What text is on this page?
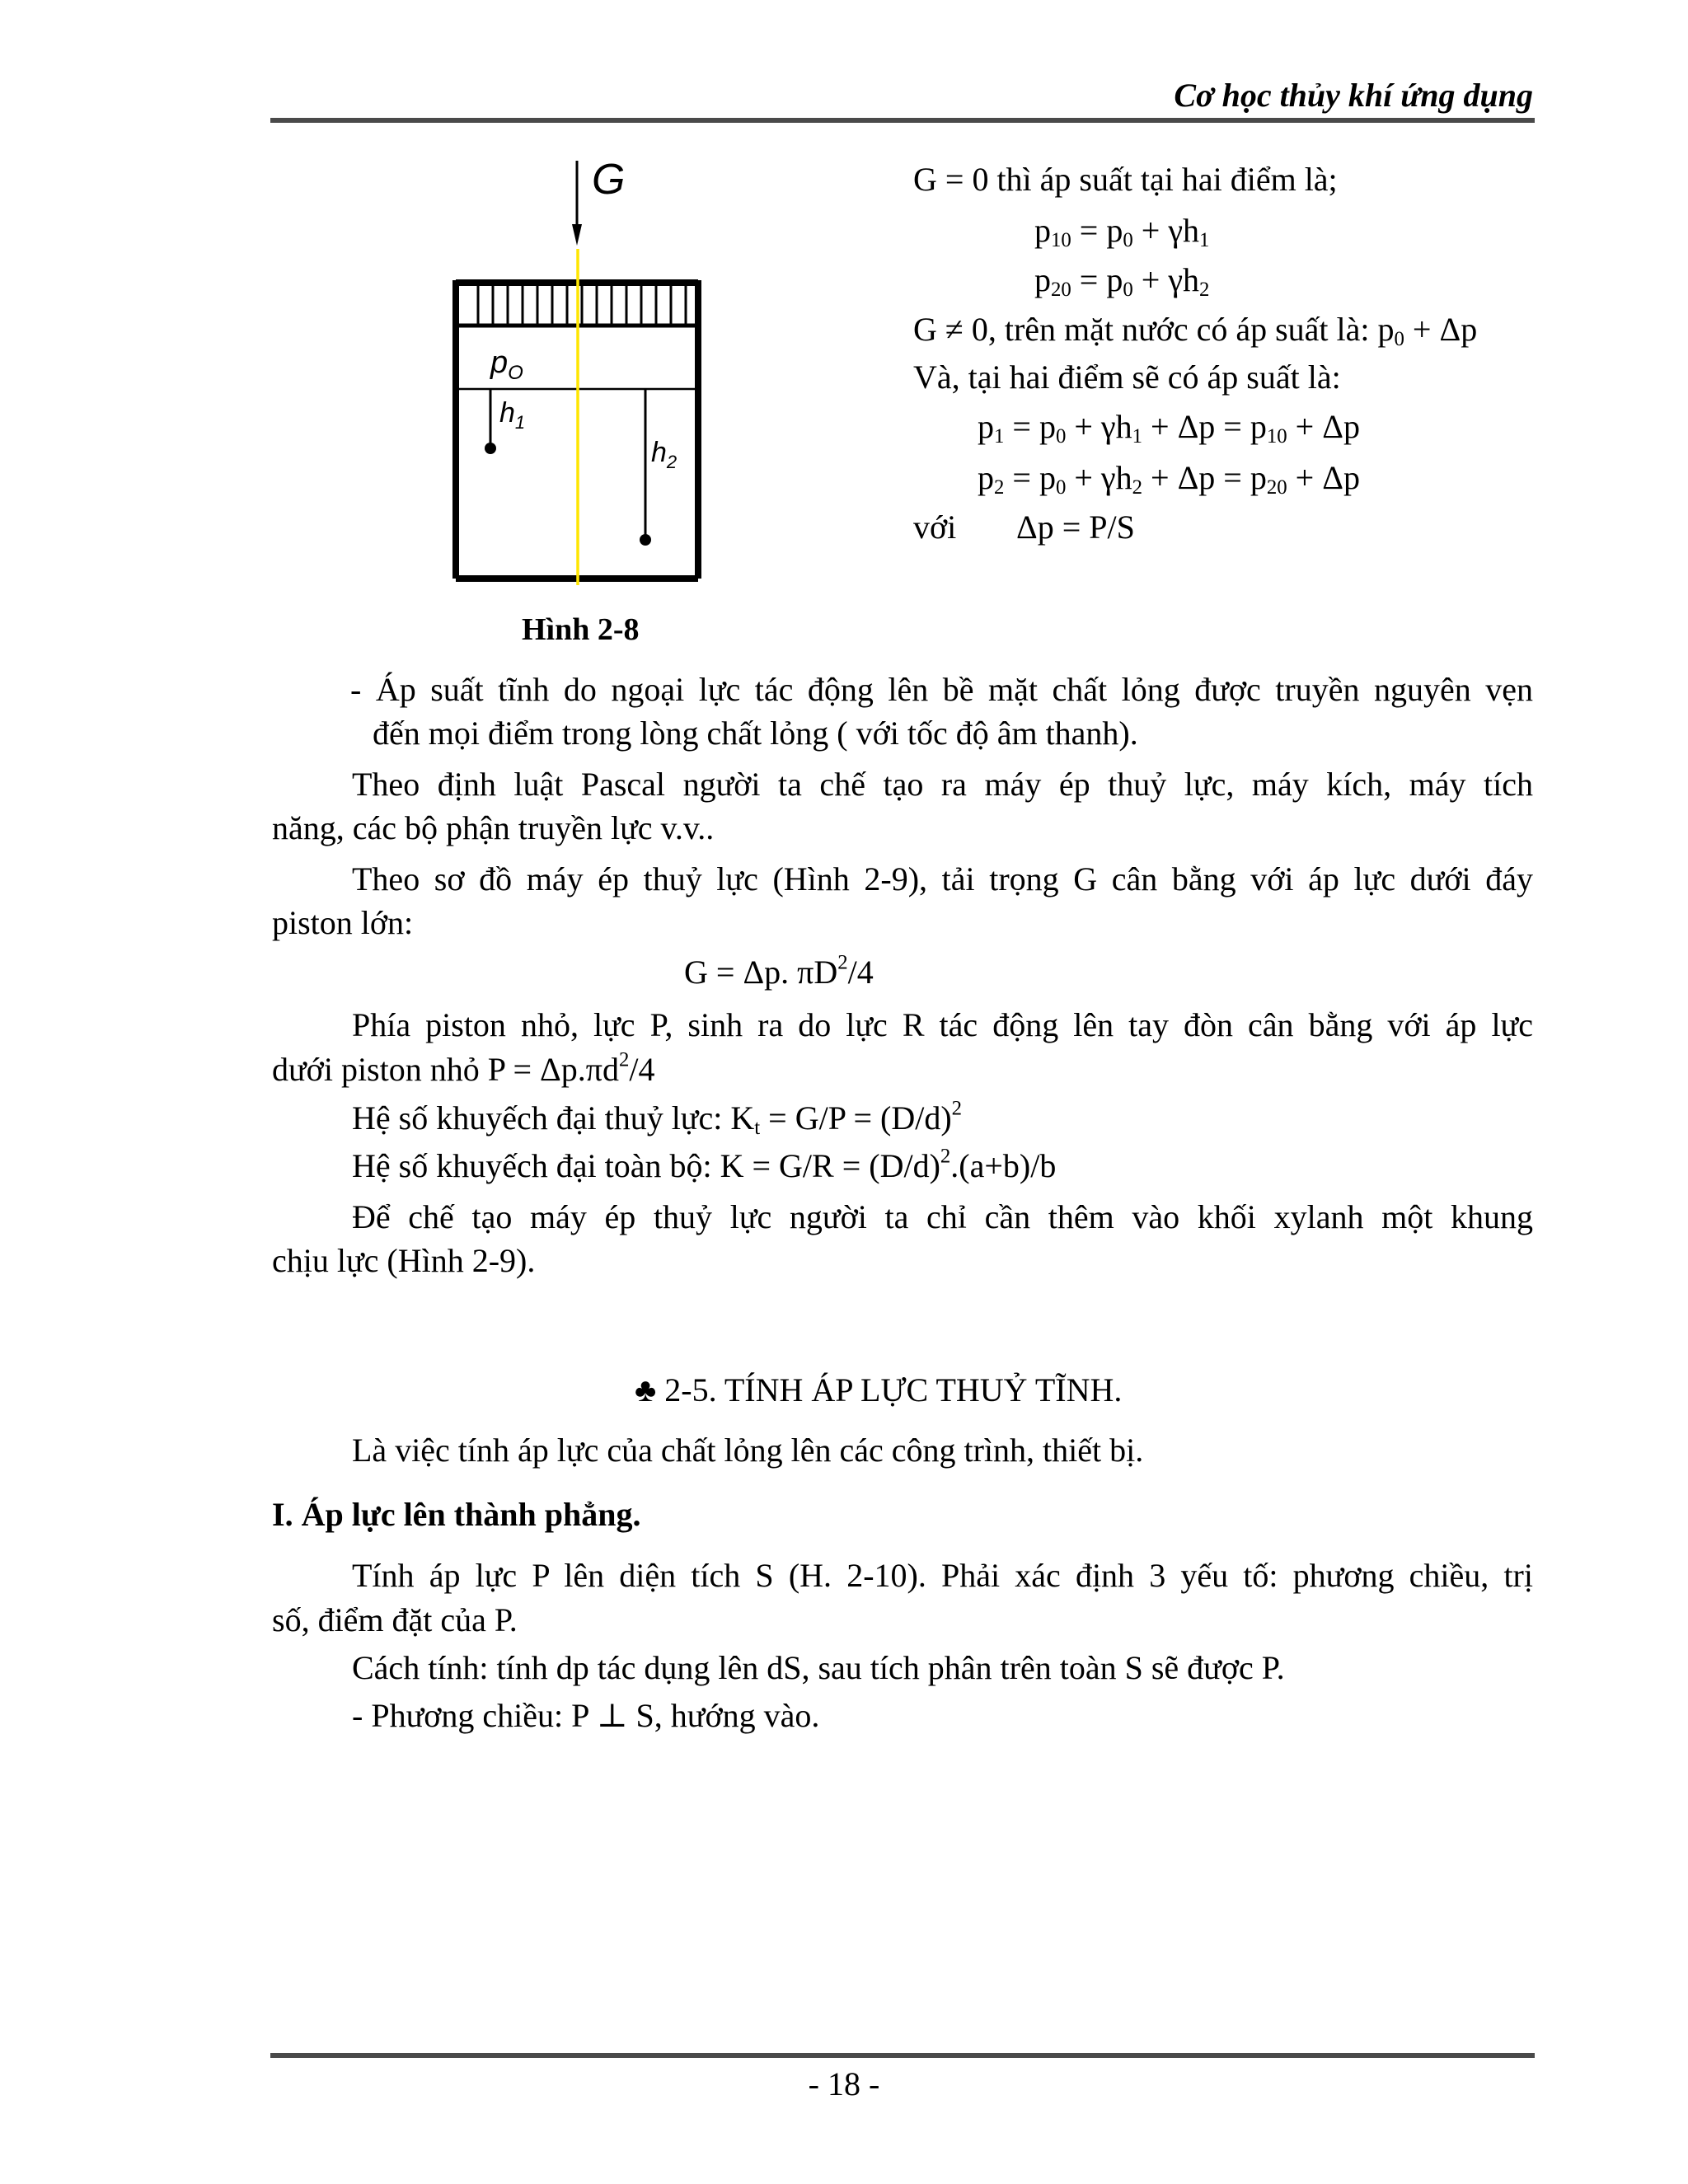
Cơ học thủy khí ứng dụng
G
$p_O$
$h_1$
$h_2$
Hình 2-8
G = 0 thì áp suất tại hai điểm là;
$p_{10} = p_0 + \gamma h_1$
$p_{20} = p_0 + \gamma h_2$
G ≠ 0, trên mặt nước có áp suất là: $p_0 + \Delta p$
Và, tại hai điểm sẽ có áp suất là:
$p_1 = p_0 + \gamma h_1 + \Delta p = p_{10} + \Delta p$
$p_2 = p_0 + \gamma h_2 + \Delta p = p_{20} + \Delta p$
với Δp = P/S
- Áp suất tĩnh do ngoại lực tác động lên bề mặt chất lỏng được truyền nguyên vẹn
đến mọi điểm trong lòng chất lỏng ( với tốc độ âm thanh).
Theo định luật Pascal người ta chế tạo ra máy ép thuỷ lực, máy kích, máy tích
năng, các bộ phận truyền lực v.v..
Theo sơ đồ máy ép thuỷ lực (Hình 2-9), tải trọng G cân bằng với áp lực dưới đáy
piston lớn:
G = Δp. $\pi D^2/4$
Phía piston nhỏ, lực P, sinh ra do lực R tác động lên tay đòn cân bằng với áp lực
dưới piston nhỏ $P = \Delta p.\pi d^2/4$
Hệ số khuyếch đại thuỷ lực: $K_t = G/P = (D/d)^2$
Hệ số khuyếch đại toàn bộ: $K = G/R = (D/d)^2.(a+b)/b$
Để chế tạo máy ép thuỷ lực người ta chỉ cần thêm vào khối xylanh một khung
chịu lực (Hình 2-9).
♣ 2-5. TÍNH ÁP LỰC THUỶ TĨNH.
Là việc tính áp lực của chất lỏng lên các công trình, thiết bị.
I. Áp lực lên thành phẳng.
Tính áp lực P lên diện tích S (H. 2-10). Phải xác định 3 yếu tố: phương chiều, trị
số, điểm đặt của P.
Cách tính: tính dp tác dụng lên dS, sau tích phân trên toàn S sẽ được P.
- Phương chiều: P ⊥ S, hướng vào.
- 18 -
